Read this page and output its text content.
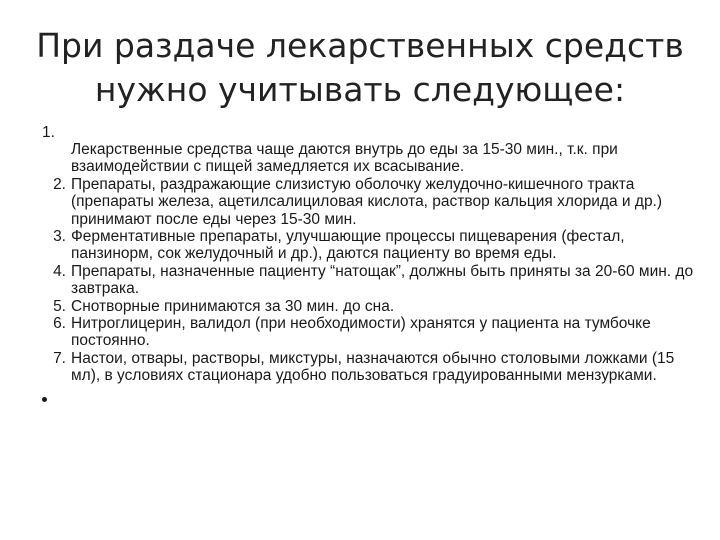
При раздаче лекарственных средств
нужно учитывать следующее:
1.
Лекарственные средства чаще даются внутрь до еды за 15-30 мин., т.к. при взаимодействии с пищей замедляется их всасывание.
2. Препараты, раздражающие слизистую оболочку желудочно-кишечного тракта (препараты железа, ацетилсалициловая кислота, раствор кальция хлорида и др.) принимают после еды через 15-30 мин.
3. Ферментативные препараты, улучшающие процессы пищеварения (фестал, панзинорм, сок желудочный и др.), даются пациенту во время еды.
4. Препараты, назначенные пациенту “натощак”, должны быть приняты за 20-60 мин. до завтрака.
5. Снотворные принимаются за 30 мин. до сна.
6. Нитроглицерин, валидол (при необходимости) хранятся у пациента на тумбочке постоянно.
7. Настои, отвары, растворы, микстуры, назначаются обычно столовыми ложками (15 мл), в условиях стационара удобно пользоваться градуированными мензурками.
